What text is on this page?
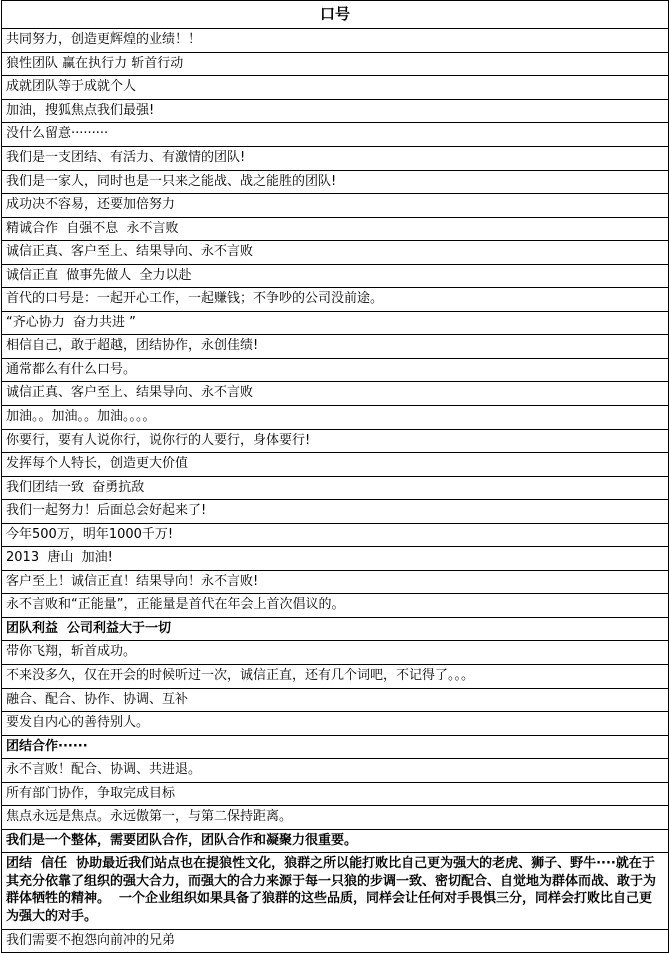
口号
共同努力，创造更辉煌的业绩！！
狼性团队 赢在执行力 斩首行动
成就团队等于成就个人
加油，搜狐焦点我们最强!
没什么留意·········
我们是一支团结、有活力、有激情的团队!
我们是一家人，同时也是一只来之能战、战之能胜的团队!
成功决不容易，还要加倍努力
精诚合作  自强不息  永不言败
诚信正真、客户至上、结果导向、永不言败
诚信正直  做事先做人  全力以赴
首代的口号是：一起开心工作，一起赚钱；不争吵的公司没前途。
“齐心协力  奋力共进 ”
相信自己，敢于超越，团结协作，永创佳绩!
通常都么有什么口号。
诚信正真、客户至上、结果导向、永不言败
加油。。加油。。加油。。。。
你要行，要有人说你行，说你行的人要行，身体要行!
发挥每个人特长，创造更大价值
我们团结一致  奋勇抗敌
我们一起努力！后面总会好起来了!
今年500万，明年1000千万!
2013  唐山  加油!
客户至上！诚信正直！结果导向！永不言败!
永不言败和“正能量”，正能量是首代在年会上首次倡议的。
团队利益  公司利益大于一切
带你飞翔，斩首成功。
不来没多久，仅在开会的时候听过一次，诚信正直，还有几个词吧，不记得了。。。
融合、配合、协作、协调、互补
要发自内心的善待别人。
团结合作······
永不言败！配合、协调、共进退。
所有部门协作，争取完成目标
焦点永远是焦点。永远傲第一，与第二保持距离。
我们是一个整体，需要团队合作，团队合作和凝聚力很重要。
团结  信任  协助最近我们站点也在提狼性文化，狼群之所以能打败比自己更为强大的老虎、狮子、野牛····就在于其充分依靠了组织的强大合力，而强大的合力来源于每一只狼的步调一致、密切配合、自觉地为群体而战、敢于为群体牺牲的精神。  一个企业组织如果具备了狼群的这些品质，同样会让任何对手畏惧三分，同样会打败比自己更为强大的对手。
我们需要不抱怨向前冲的兄弟
